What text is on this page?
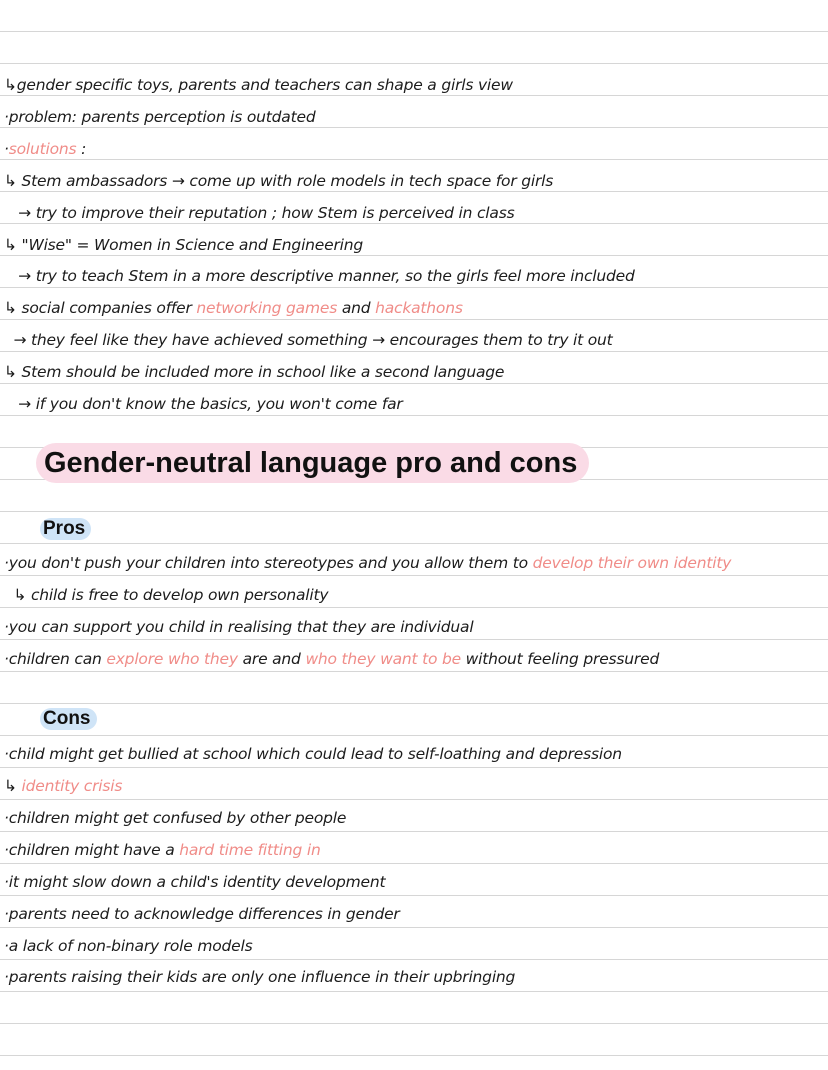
↳gender specific toys, parents and teachers can shape a girls view
·problem: parents perception is outdated
·solutions :
↳ Stem ambassadors → come up with role models in tech space for girls
→ try to improve their reputation ; how Stem is perceived in class
↳ "Wise" = Women in Science and Engineering
→ try to teach Stem in a more descriptive manner, so the girls feel more included
↳ social companies offer networking games and hackathons
→ they feel like they have achieved something → encourages them to try it out
↳ Stem should be included more in school like a second language
→ if you don't know the basics, you won't come far
Gender-neutral language pro and cons
Pros
·you don't push your children into stereotypes and you allow them to develop their own identity
↳ child is free to develop own personality
·you can support you child in realising that they are individual
·children can explore who they are and who they want to be without feeling pressured
Cons
·child might get bullied at school which could lead to self-loathing and depression
↳ identity crisis
·children might get confused by other people
·children might have a hard time fitting in
·it might slow down a child's identity development
·parents need to acknowledge differences in gender
·a lack of non-binary role models
·parents raising their kids are only one influence in their upbringing
